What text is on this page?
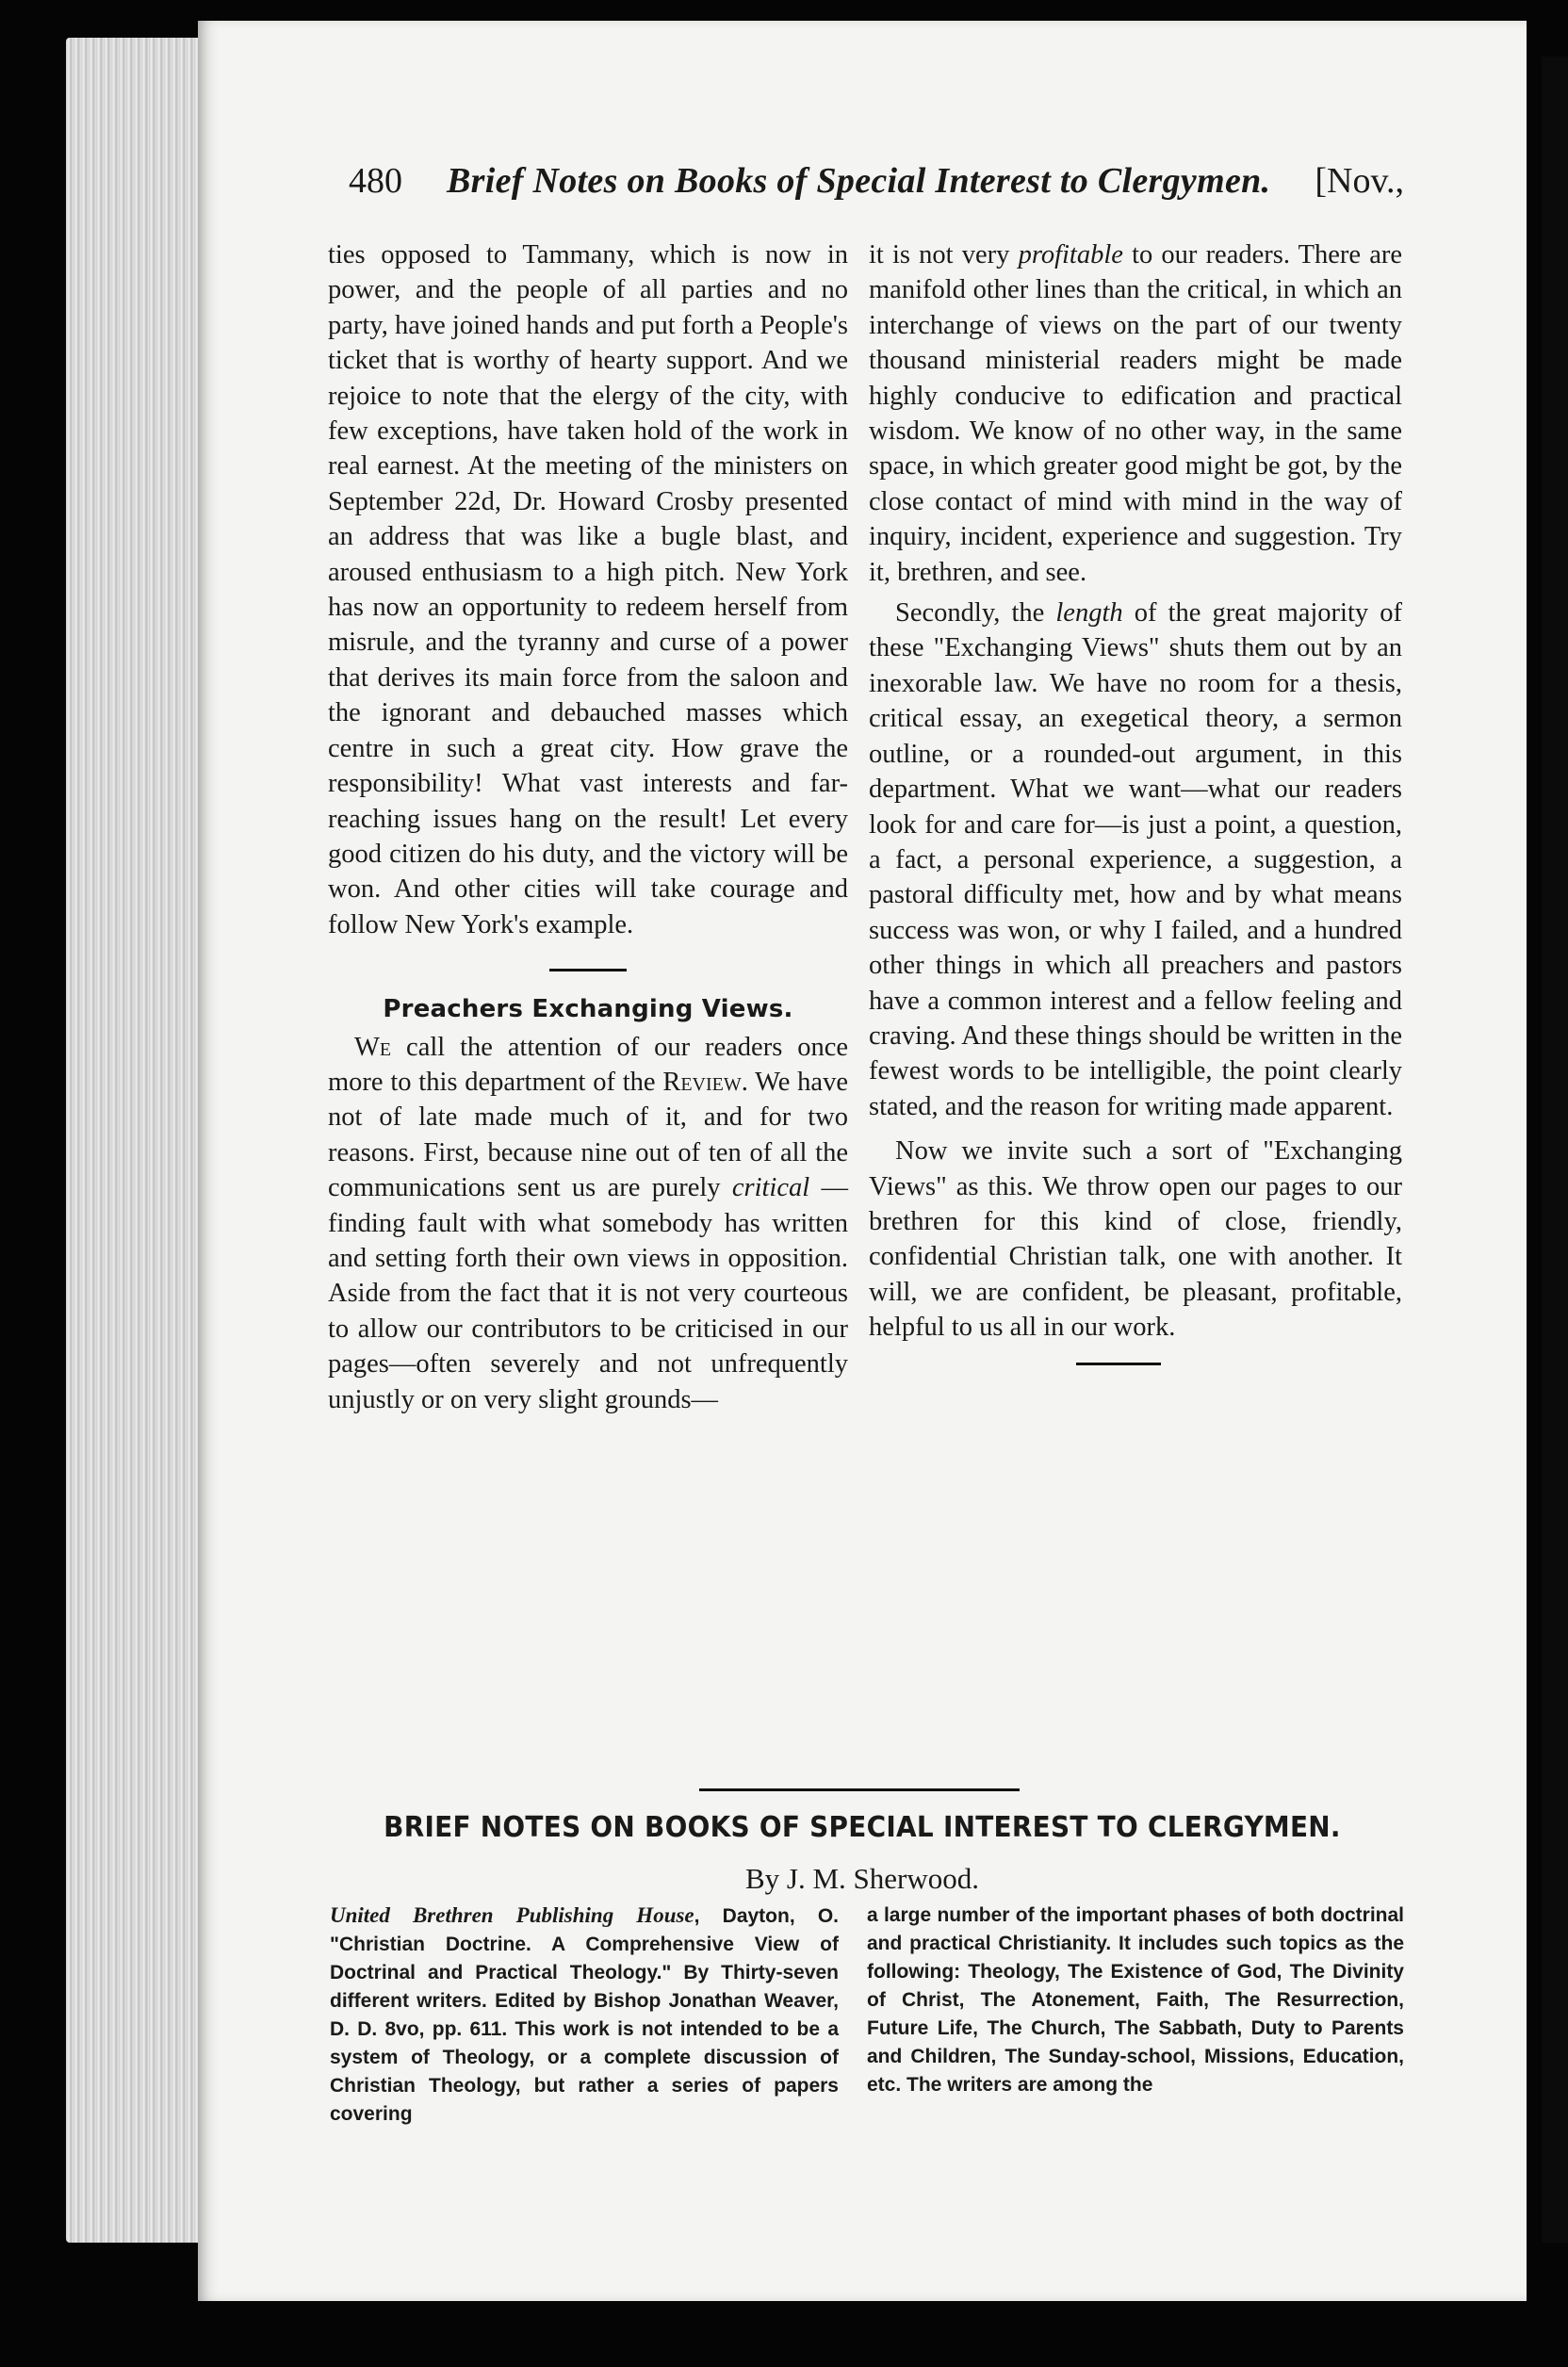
480 Brief Notes on Books of Special Interest to Clergymen. [Nov.,

ties opposed to Tammany, which is now in power, and the people of all parties and no party, have joined hands and put forth a People's ticket that is worthy of hearty support. And we rejoice to note that the elergy of the city, with few exceptions, have taken hold of the work in real earnest. At the meeting of the ministers on September 22d, Dr. Howard Crosby presented an address that was like a bugle blast, and aroused enthusiasm to a high pitch. New York has now an opportunity to redeem herself from misrule, and the tyranny and curse of a power that derives its main force from the saloon and the ignorant and debauched masses which centre in such a great city. How grave the responsibility! What vast interests and far-reaching issues hang on the result! Let every good citizen do his duty, and the victory will be won. And other cities will take courage and follow New York's example.

Preachers Exchanging Views.

We call the attention of our readers once more to this department of the Review. We have not of late made much of it, and for two reasons. First, because nine out of ten of all the communications sent us are purely critical — finding fault with what somebody has written and setting forth their own views in opposition. Aside from the fact that it is not very courteous to allow our contributors to be criticised in our pages—often severely and not unfrequently unjustly or on very slight grounds—

it is not very profitable to our readers. There are manifold other lines than the critical, in which an interchange of views on the part of our twenty thousand ministerial readers might be made highly conducive to edification and practical wisdom. We know of no other way, in the same space, in which greater good might be got, by the close contact of mind with mind in the way of inquiry, incident, experience and suggestion. Try it, brethren, and see.

Secondly, the length of the great majority of these "Exchanging Views" shuts them out by an inexorable law. We have no room for a thesis, critical essay, an exegetical theory, a sermon outline, or a rounded-out argument, in this department. What we want—what our readers look for and care for—is just a point, a question, a fact, a personal experience, a suggestion, a pastoral difficulty met, how and by what means success was won, or why I failed, and a hundred other things in which all preachers and pastors have a common interest and a fellow feeling and craving. And these things should be written in the fewest words to be intelligible, the point clearly stated, and the reason for writing made apparent.

Now we invite such a sort of "Exchanging Views" as this. We throw open our pages to our brethren for this kind of close, friendly, confidential Christian talk, one with another. It will, we are confident, be pleasant, profitable, helpful to us all in our work.

BRIEF NOTES ON BOOKS OF SPECIAL INTEREST TO CLERGYMEN.
By J. M. Sherwood.

United Brethren Publishing House, Dayton, O. "Christian Doctrine. A Comprehensive View of Doctrinal and Practical Theology." By Thirty-seven different writers. Edited by Bishop Jonathan Weaver, D. D. 8vo, pp. 611. This work is not intended to be a system of Theology, or a complete discussion of Christian Theology, but rather a series of papers covering

a large number of the important phases of both doctrinal and practical Christianity. It includes such topics as the following: Theology, The Existence of God, The Divinity of Christ, The Atonement, Faith, The Resurrection, Future Life, The Church, The Sabbath, Duty to Parents and Children, The Sunday-school, Missions, Education, etc. The writers are among the
